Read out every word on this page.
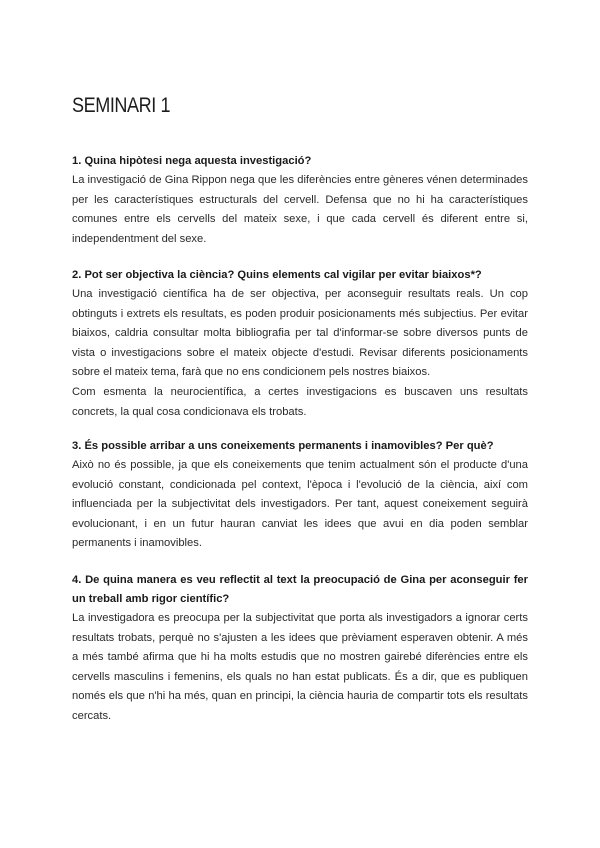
SEMINARI 1

1. Quina hipòtesi nega aquesta investigació?

La investigació de Gina Rippon nega que les diferències entre gèneres vénen determinades per les característiques estructurals del cervell. Defensa que no hi ha característiques comunes entre els cervells del mateix sexe, i que cada cervell és diferent entre si, independentment del sexe.

2. Pot ser objectiva la ciència? Quins elements cal vigilar per evitar biaixos*?

Una investigació científica ha de ser objectiva, per aconseguir resultats reals. Un cop obtinguts i extrets els resultats, es poden produir posicionaments més subjectius. Per evitar biaixos, caldria consultar molta bibliografia per tal d'informar-se sobre diversos punts de vista o investigacions sobre el mateix objecte d'estudi. Revisar diferents posicionaments sobre el mateix tema, farà que no ens condicionem pels nostres biaixos.

Com esmenta la neurocientífica, a certes investigacions es buscaven uns resultats concrets, la qual cosa condicionava els trobats.

3. És possible arribar a uns coneixements permanents i inamovibles? Per què?

Això no és possible, ja que els coneixements que tenim actualment són el producte d'una evolució constant, condicionada pel context, l'època i l'evolució de la ciència, així com influenciada per la subjectivitat dels investigadors. Per tant, aquest coneixement seguirà evolucionant, i en un futur hauran canviat les idees que avui en dia poden semblar permanents i inamovibles.

4. De quina manera es veu reflectit al text la preocupació de Gina per aconseguir fer un treball amb rigor científic?

La investigadora es preocupa per la subjectivitat que porta als investigadors a ignorar certs resultats trobats, perquè no s'ajusten a les idees que prèviament esperaven obtenir. A més a més també afirma que hi ha molts estudis que no mostren gairebé diferències entre els cervells masculins i femenins, els quals no han estat publicats. És a dir, que es publiquen només els que n'hi ha més, quan en principi, la ciència hauria de compartir tots els resultats cercats.
